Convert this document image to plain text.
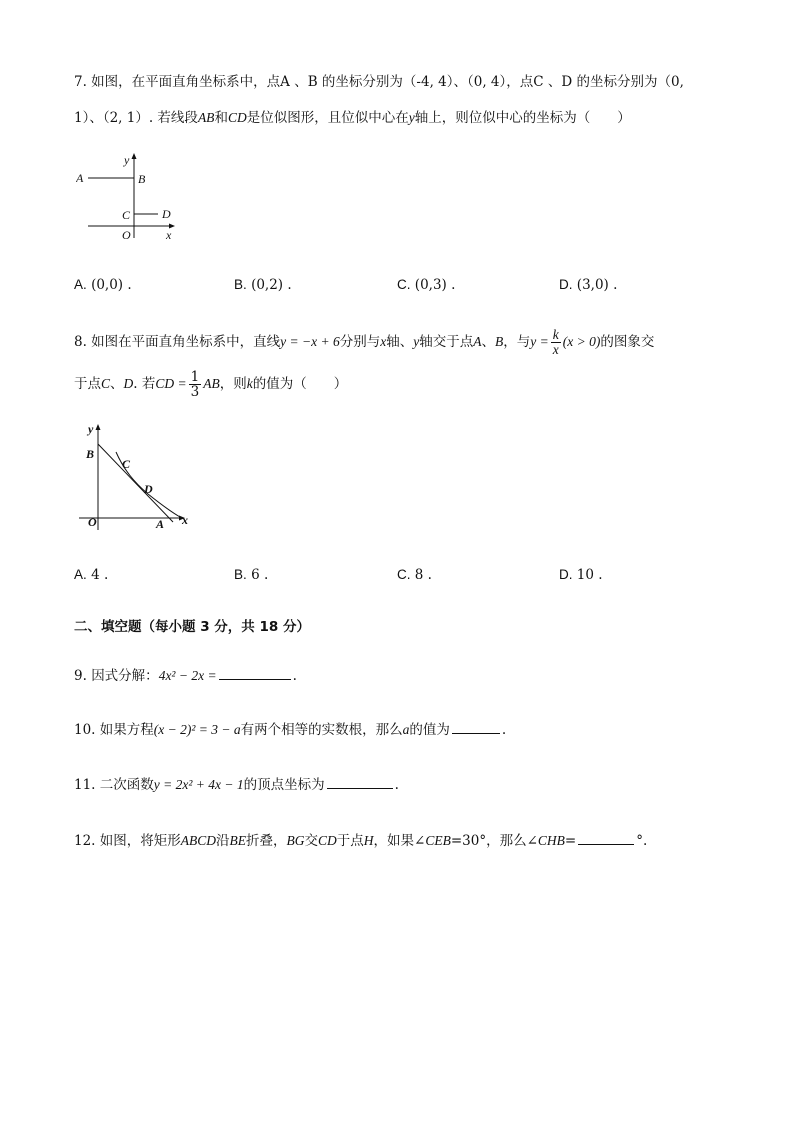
7. 如图，在平面直角坐标系中，点A 、B 的坐标分别为（-4, 4）、（0, 4），点C 、D 的坐标分别为（0,
1）、（2, 1）. 若线段AB和CD是位似图形，且位似中心在y轴上，则位似中心的坐标为（　　）
y
A	B
C	D
O	x
A. (0,0) .	B. (0,2) .	C. (0,3) .	D. (3,0) .
8. 如图在平面直角坐标系中，直线y = −x + 6分别与x轴、y轴交于点A、B，与$y = \frac{k}{x} (x > 0)$的图象交
于点C、D. 若CD = $\frac{1}{3}$ AB，则k的值为（　　）
y
B
C
D
O	A x
A. 4 .	B. 6 .	C. 8 .	D. 10 .
二、填空题（每小题 3 分，共 18 分）
9. 因式分解：4x² − 2x =	.
10. 如果方程(x − 2)² = 3 − a有两个相等的实数根，那么a的值为	.
11. 二次函数y = 2x² + 4x − 1的顶点坐标为	.
12. 如图，将矩形ABCD沿BE折叠，BG交CD于点H，如果∠CEB=30°，那么∠CHB=	°.
